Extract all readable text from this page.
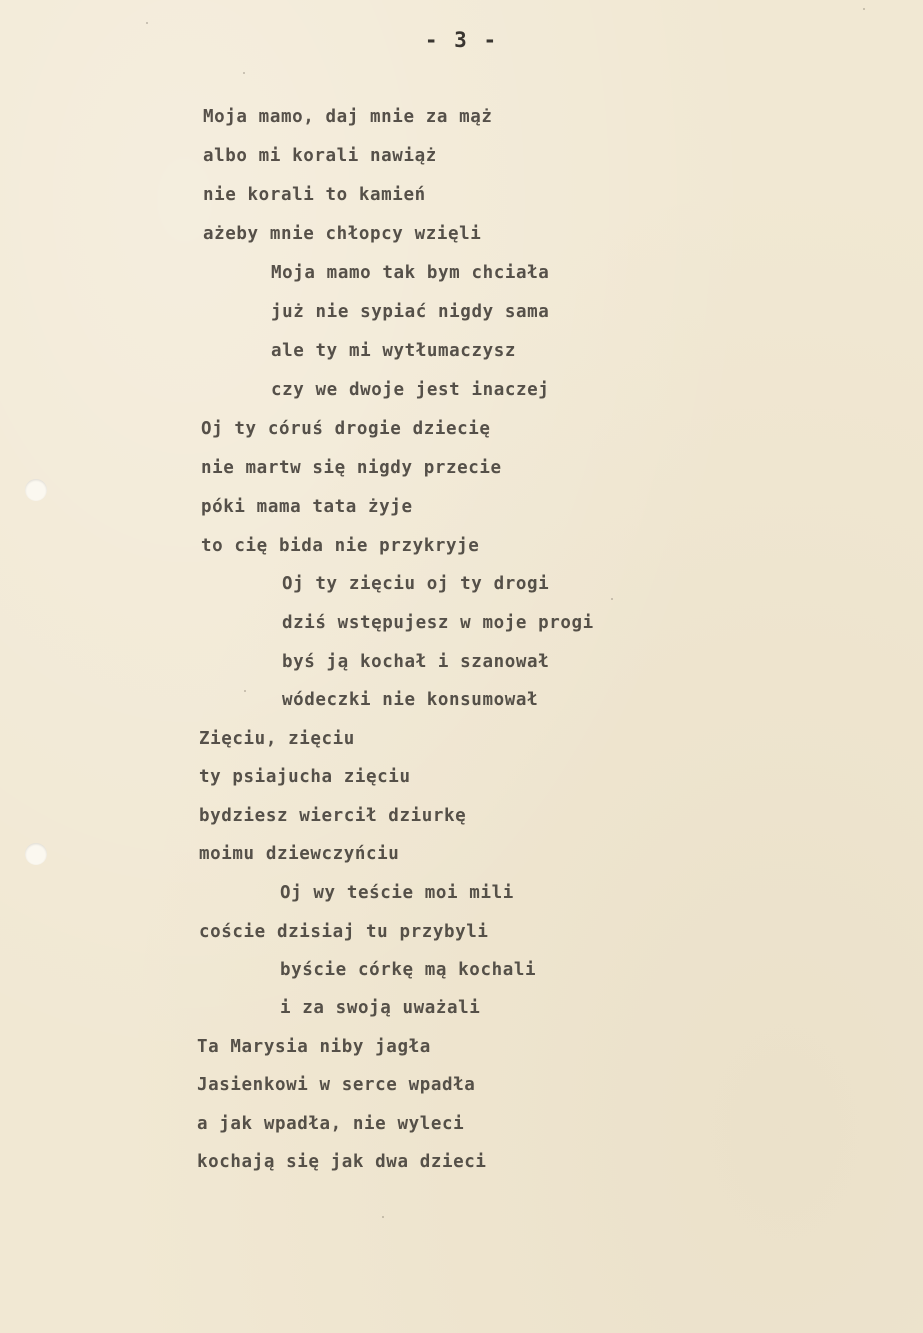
- 3 -
Moja mamo, daj mnie za mąż
albo mi korali nawiąż
nie korali to kamień
ażeby mnie chłopcy wzięli
Moja mamo tak bym chciała
już nie sypiać nigdy sama
ale ty mi wytłumaczysz
czy we dwoje jest inaczej
Oj ty córuś drogie dziecię
nie martw się nigdy przecie
póki mama tata żyje
to cię bida nie przykryje
Oj ty zięciu oj ty drogi
dziś wstępujesz w moje progi
byś ją kochał i szanował
wódeczki nie konsumował
Zięciu, zięciu
ty psiajucha zięciu
bydziesz wiercił dziurkę
moimu dziewczyńciu
Oj wy teście moi mili
coście dzisiaj tu przybyli
byście córkę mą kochali
i za swoją uważali
Ta Marysia niby jagła
Jasienkowi w serce wpadła
a jak wpadła, nie wyleci
kochają się jak dwa dzieci
